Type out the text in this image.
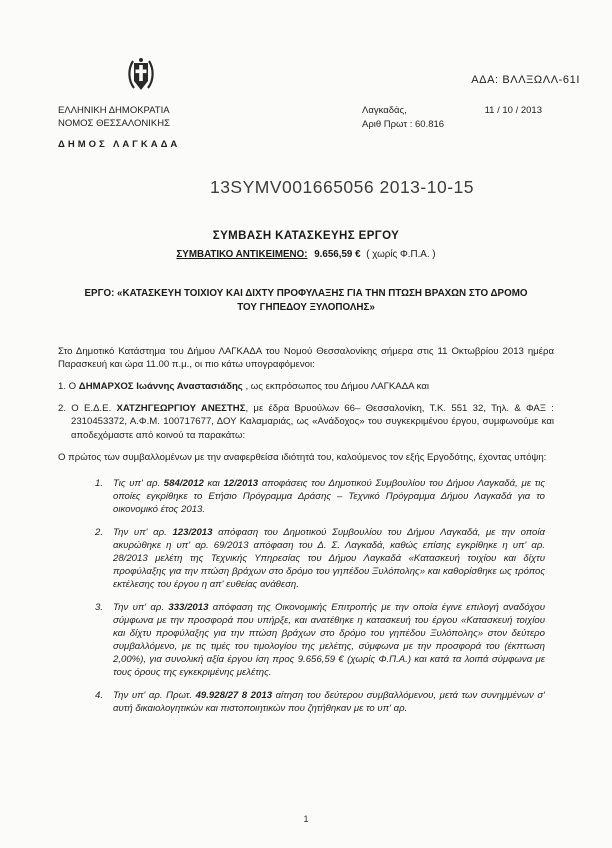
ΑΔΑ: ΒΛΛΞΩΛΛ-61Ι
ΕΛΛΗΝΙΚΗ ΔΗΜΟΚΡΑΤΙΑ
ΝΟΜΟΣ ΘΕΣΣΑΛΟΝΙΚΗΣ
ΔΗΜΟΣ ΛΑΓΚΑΔΑ
Λαγκαδάς,	11 / 10 / 2013
Αριθ Πρωτ : 60.816
13SYMV001665056 2013-10-15
ΣΥΜΒΑΣΗ ΚΑΤΑΣΚΕΥΗΣ ΕΡΓΟΥ
ΣΥΜΒΑΤΙΚΟ ΑΝΤΙΚΕΙΜΕΝΟ: 9.656,59 € ( χωρίς Φ.Π.Α. )
ΕΡΓΟ: «ΚΑΤΑΣΚΕΥΗ ΤΟΙΧΙΟΥ ΚΑΙ ΔΙΧΤΥ ΠΡΟΦΥΛΑΞΗΣ ΓΙΑ ΤΗΝ ΠΤΩΣΗ ΒΡΑΧΩΝ ΣΤΟ ΔΡΟΜΟ ΤΟΥ ΓΗΠΕΔΟΥ ΞΥΛΟΠΟΛΗΣ»

Στο Δημοτικό Κατάστημα του Δήμου ΛΑΓΚΑΔΑ του Νομού Θεσσαλονίκης σήμερα στις 11 Οκτωβρίου 2013 ημέρα Παρασκευή και ώρα 11.00 π.μ., οι πιο κάτω υπογραφόμενοι:

1. Ο ΔΗΜΑΡΧΟΣ Ιωάννης Αναστασιάδης , ως εκπρόσωπος του Δήμου ΛΑΓΚΑΔΑ και

2. Ο Ε.Δ.Ε. ΧΑΤΖΗΓΕΩΡΓΙΟΥ ΑΝΕΣΤΗΣ, με έδρα Βρυούλων 66– Θεσσαλονίκη, Τ.Κ. 551 32, Τηλ. & ΦΑΞ : 2310453372, Α.Φ.Μ. 100717677, ΔΟΥ Καλαμαριάς, ως «Ανάδοχος» του συγκεκριμένου έργου, συμφωνούμε και αποδεχόμαστε από κοινού τα παρακάτω:

Ο πρώτος των συμβαλλομένων με την αναφερθείσα ιδιότητά του, καλούμενος τον εξής Εργοδότης, έχοντας υπόψη:

1.	Τις υπ' αρ. 584/2012 και 12/2013 αποφάσεις του Δημοτικού Συμβουλίου του Δήμου Λαγκαδά, με τις οποίες εγκρίθηκε το Ετήσιο Πρόγραμμα Δράσης – Τεχνικό Πρόγραμμα Δήμου Λαγκαδά για το οικονομικό έτος 2013.
2.	Την υπ' αρ. 123/2013 απόφαση του Δημοτικού Συμβουλίου του Δήμου Λαγκαδά, με την οποία ακυρώθηκε η υπ' αρ. 69/2013 απόφαση του Δ. Σ. Λαγκαδά, καθώς επίσης εγκρίθηκε η υπ' αρ. 28/2013 μελέτη της Τεχνικής Υπηρεσίας του Δήμου Λαγκαδά «Κατασκευή τοιχίου και δίχτυ προφύλαξης για την πτώση βράχων στο δρόμο του γηπέδου Ξυλόπολης» και καθορίσθηκε ως τρόπος εκτέλεσης του έργου η απ' ευθείας ανάθεση.
3.	Την υπ' αρ. 333/2013 απόφαση της Οικονομικής Επιτροπής με την οποία έγινε επιλογή αναδόχου σύμφωνα με την προσφορά που υπήρξε, και ανατέθηκε η κατασκευή του έργου «Κατασκευή τοιχίου και δίχτυ προφύλαξης για την πτώση βράχων στο δρόμο του γηπέδου Ξυλόπολης» στον δεύτερο συμβαλλόμενο, με τις τιμές του τιμολογίου της μελέτης, σύμφωνα με την προσφορά του (έκπτωση 2,00%), για συνολική αξία έργου ίση προς 9.656,59 € (χωρίς Φ.Π.Α.) και κατά τα λοιπά σύμφωνα με τους όρους της εγκεκριμένης μελέτης.
4.	Την υπ' αρ. Πρωτ. 49.928/27 8 2013 αίτηση του δεύτερου συμβαλλόμενου, μετά των συνημμένων σ' αυτή δικαιολογητικών και πιστοποιητικών που ζητήθηκαν με το υπ' αρ.
1
